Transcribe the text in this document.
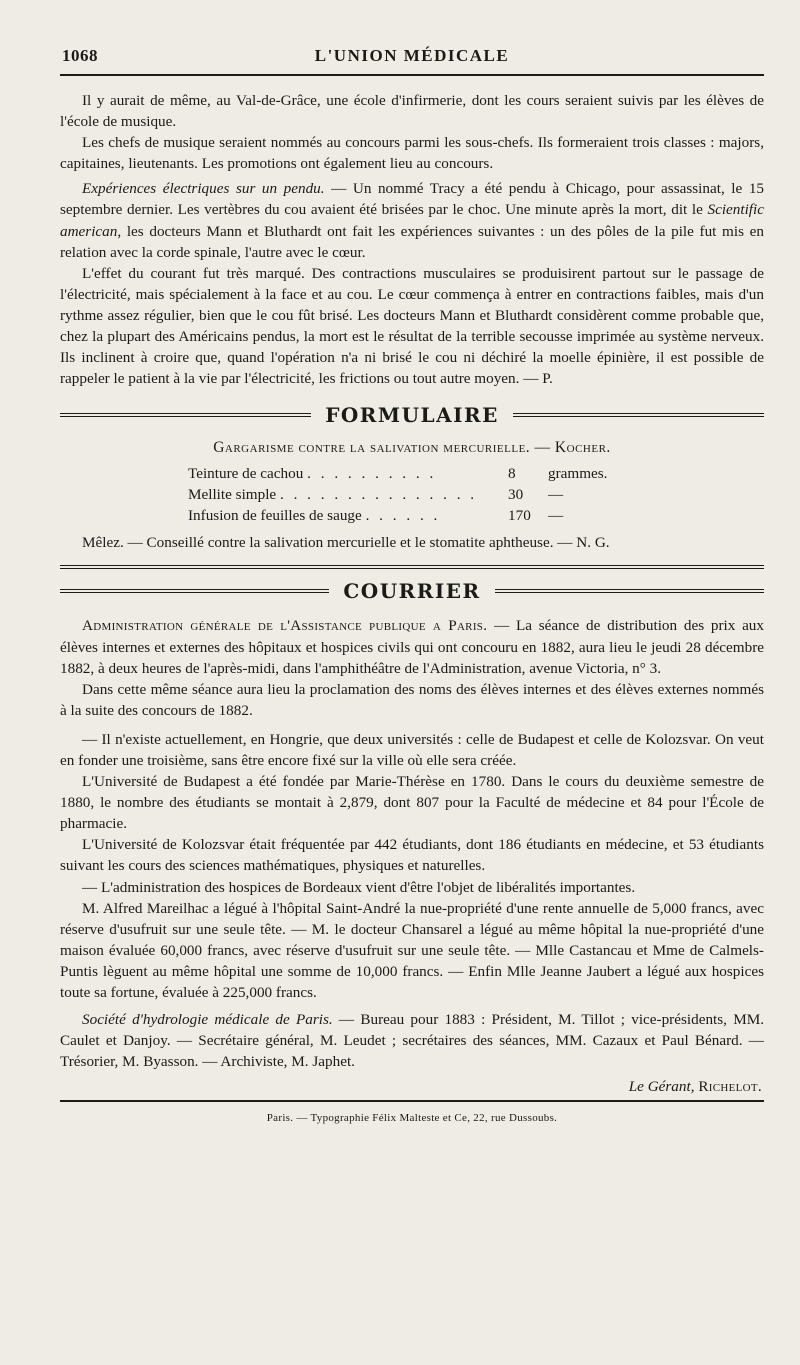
1068	L'UNION MÉDICALE

Il y aurait de même, au Val-de-Grâce, une école d'infirmerie, dont les cours seraient suivis par les élèves de l'école de musique.

Les chefs de musique seraient nommés au concours parmi les sous-chefs. Ils formeraient trois classes : majors, capitaines, lieutenants. Les promotions ont également lieu au concours.

Expériences électriques sur un pendu. — Un nommé Tracy a été pendu à Chicago, pour assassinat, le 15 septembre dernier. Les vertèbres du cou avaient été brisées par le choc. Une minute après la mort, dit le Scientific american, les docteurs Mann et Bluthardt ont fait les expériences suivantes : un des pôles de la pile fut mis en relation avec la corde spinale, l'autre avec le cœur.

L'effet du courant fut très marqué. Des contractions musculaires se produisirent partout sur le passage de l'électricité, mais spécialement à la face et au cou. Le cœur commença à entrer en contractions faibles, mais d'un rythme assez régulier, bien que le cou fût brisé. Les docteurs Mann et Bluthardt considèrent comme probable que, chez la plupart des Américains pendus, la mort est le résultat de la terrible secousse imprimée au système nerveux. Ils inclinent à croire que, quand l'opération n'a ni brisé le cou ni déchiré la moelle épinière, il est possible de rappeler le patient à la vie par l'électricité, les frictions ou tout autre moyen. — P.

FORMULAIRE
Gargarisme contre la salivation mercurielle. — Kocher.
Teinture de cachou . . . . . . . . . .	8	grammes.
Mellite simple . . . . . . . . . . . . . . .	30	—
Infusion de feuilles de sauge . . . . . .	170	—

Mêlez. — Conseillé contre la salivation mercurielle et le stomatite aphtheuse. — N. G.

COURRIER

Administration générale de l'Assistance publique a Paris. — La séance de distribution des prix aux élèves internes et externes des hôpitaux et hospices civils qui ont concouru en 1882, aura lieu le jeudi 28 décembre 1882, à deux heures de l'après-midi, dans l'amphithéâtre de l'Administration, avenue Victoria, n° 3.

Dans cette même séance aura lieu la proclamation des noms des élèves internes et des élèves externes nommés à la suite des concours de 1882.

— Il n'existe actuellement, en Hongrie, que deux universités : celle de Budapest et celle de Kolozsvar. On veut en fonder une troisième, sans être encore fixé sur la ville où elle sera créée.

L'Université de Budapest a été fondée par Marie-Thérèse en 1780. Dans le cours du deuxième semestre de 1880, le nombre des étudiants se montait à 2,879, dont 807 pour la Faculté de médecine et 84 pour l'École de pharmacie.

L'Université de Kolozsvar était fréquentée par 442 étudiants, dont 186 étudiants en médecine, et 53 étudiants suivant les cours des sciences mathématiques, physiques et naturelles.

— L'administration des hospices de Bordeaux vient d'être l'objet de libéralités importantes.

M. Alfred Mareilhac a légué à l'hôpital Saint-André la nue-propriété d'une rente annuelle de 5,000 francs, avec réserve d'usufruit sur une seule tête. — M. le docteur Chansarel a légué au même hôpital la nue-propriété d'une maison évaluée 60,000 francs, avec réserve d'usufruit sur une seule tête. — Mlle Castancau et Mme de Calmels-Puntis lèguent au même hôpital une somme de 10,000 francs. — Enfin Mlle Jeanne Jaubert a légué aux hospices toute sa fortune, évaluée à 225,000 francs.

Société d'hydrologie médicale de Paris. — Bureau pour 1883 : Président, M. Tillot ; vice-présidents, MM. Caulet et Danjoy. — Secrétaire général, M. Leudet ; secrétaires des séances, MM. Cazaux et Paul Bénard. — Trésorier, M. Byasson. — Archiviste, M. Japhet.

Le Gérant, Richelot.
Paris. — Typographie Félix Malteste et Ce, 22, rue Dussoubs.
